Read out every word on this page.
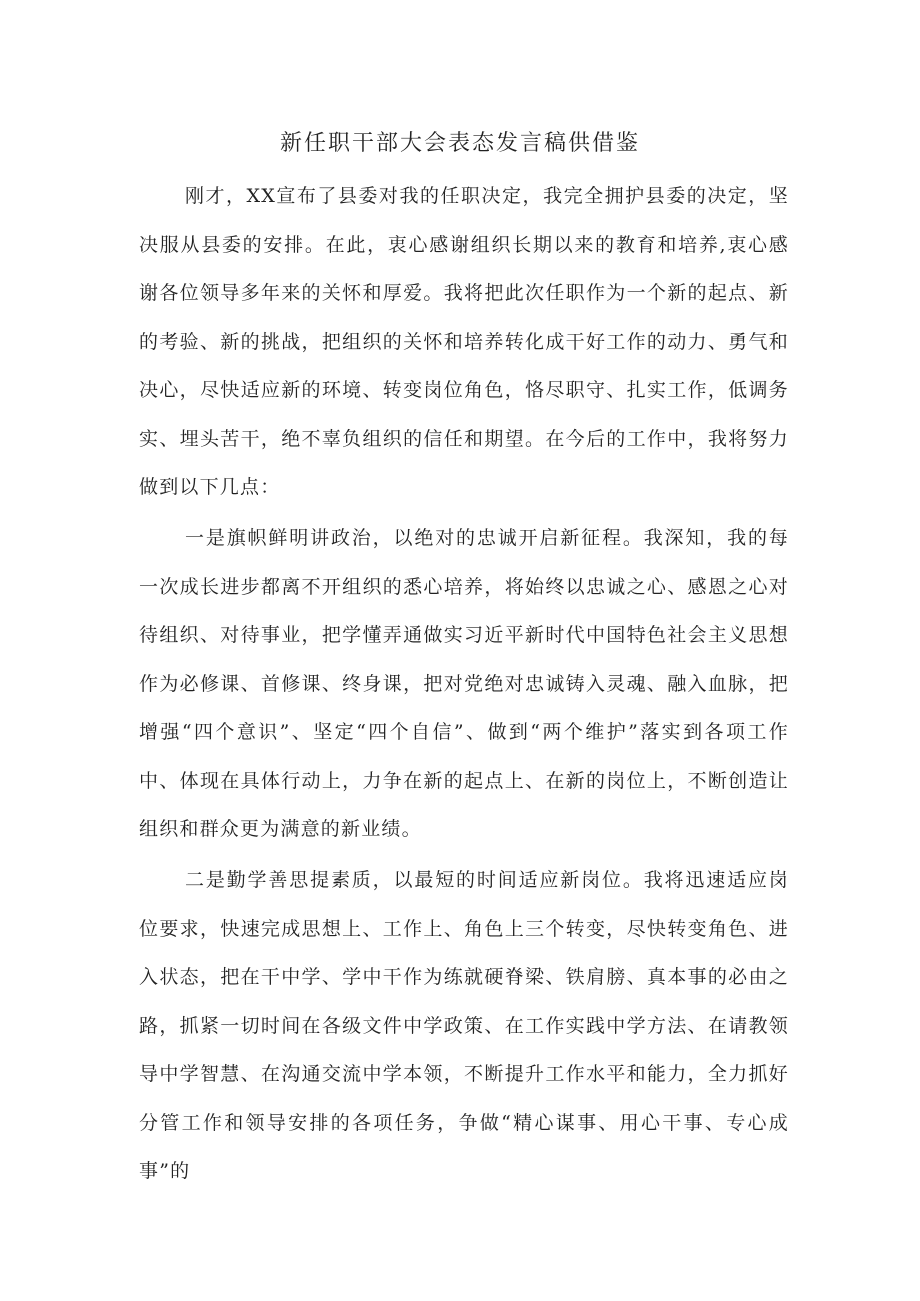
新任职干部大会表态发言稿供借鉴

刚才，XX宣布了县委对我的任职决定，我完全拥护县委的决定，坚决服从县委的安排。在此，衷心感谢组织长期以来的教育和培养,衷心感谢各位领导多年来的关怀和厚爱。我将把此次任职作为一个新的起点、新的考验、新的挑战，把组织的关怀和培养转化成干好工作的动力、勇气和决心，尽快适应新的环境、转变岗位角色，恪尽职守、扎实工作，低调务实、埋头苦干，绝不辜负组织的信任和期望。在今后的工作中，我将努力做到以下几点：

一是旗帜鲜明讲政治，以绝对的忠诚开启新征程。我深知，我的每一次成长进步都离不开组织的悉心培养，将始终以忠诚之心、感恩之心对待组织、对待事业，把学懂弄通做实习近平新时代中国特色社会主义思想作为必修课、首修课、终身课，把对党绝对忠诚铸入灵魂、融入血脉，把增强“四个意识”、坚定“四个自信”、做到“两个维护”落实到各项工作中、体现在具体行动上，力争在新的起点上、在新的岗位上，不断创造让组织和群众更为满意的新业绩。

二是勤学善思提素质，以最短的时间适应新岗位。我将迅速适应岗位要求，快速完成思想上、工作上、角色上三个转变，尽快转变角色、进入状态，把在干中学、学中干作为练就硬脊梁、铁肩膀、真本事的必由之路，抓紧一切时间在各级文件中学政策、在工作实践中学方法、在请教领导中学智慧、在沟通交流中学本领，不断提升工作水平和能力，全力抓好分管工作和领导安排的各项任务，争做“精心谋事、用心干事、专心成事”的
